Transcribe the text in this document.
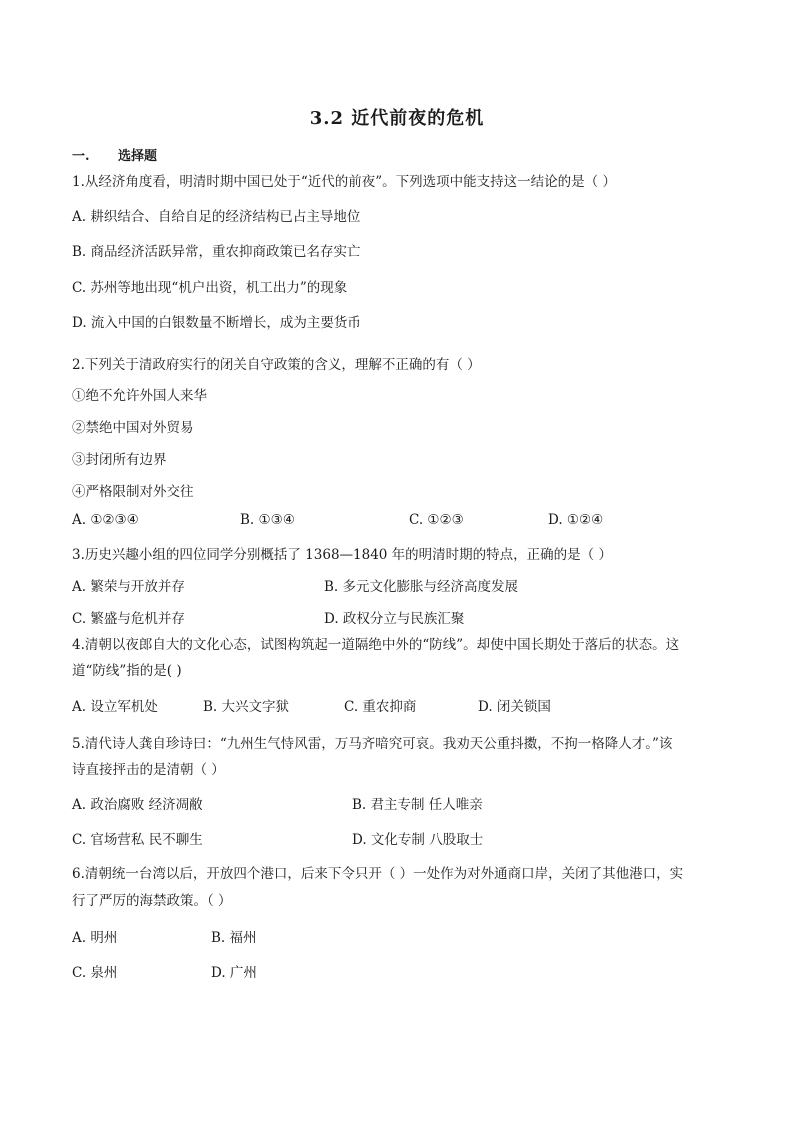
3.2 近代前夜的危机
一. 选择题
1.从经济角度看，明清时期中国已处于“近代的前夜”。下列选项中能支持这一结论的是（ ）
A. 耕织结合、自给自足的经济结构已占主导地位
B. 商品经济活跃异常，重农抑商政策已名存实亡
C. 苏州等地出现“机户出资，机工出力”的现象
D. 流入中国的白银数量不断增长，成为主要货币
2.下列关于清政府实行的闭关自守政策的含义，理解不正确的有（ ）
①绝不允许外国人来华
②禁绝中国对外贸易
③封闭所有边界
④严格限制对外交往
A. ①②③④	B. ①③④	C. ①②③	D. ①②④
3.历史兴趣小组的四位同学分别概括了 1368—1840 年的明清时期的特点，正确的是（ ）
A. 繁荣与开放并存	B. 多元文化膨胀与经济高度发展
C. 繁盛与危机并存	D. 政权分立与民族汇聚
4.清朝以夜郎自大的文化心态，试图构筑起一道隔绝中外的“防线”。却使中国长期处于落后的状态。这
道“防线”指的是( )
A. 设立军机处	B. 大兴文字狱	C. 重农抑商	D. 闭关锁国
5.清代诗人龚自珍诗曰：“九州生气恃风雷，万马齐喑究可哀。我劝天公重抖擞，不拘一格降人才。”该
诗直接抨击的是清朝（ ）
A. 政治腐败 经济凋敝	B. 君主专制 任人唯亲
C. 官场营私 民不聊生	D. 文化专制 八股取士
6.清朝统一台湾以后，开放四个港口，后来下令只开（ ）一处作为对外通商口岸，关闭了其他港口，实
行了严厉的海禁政策。（ ）
A. 明州	B. 福州
C. 泉州	D. 广州
